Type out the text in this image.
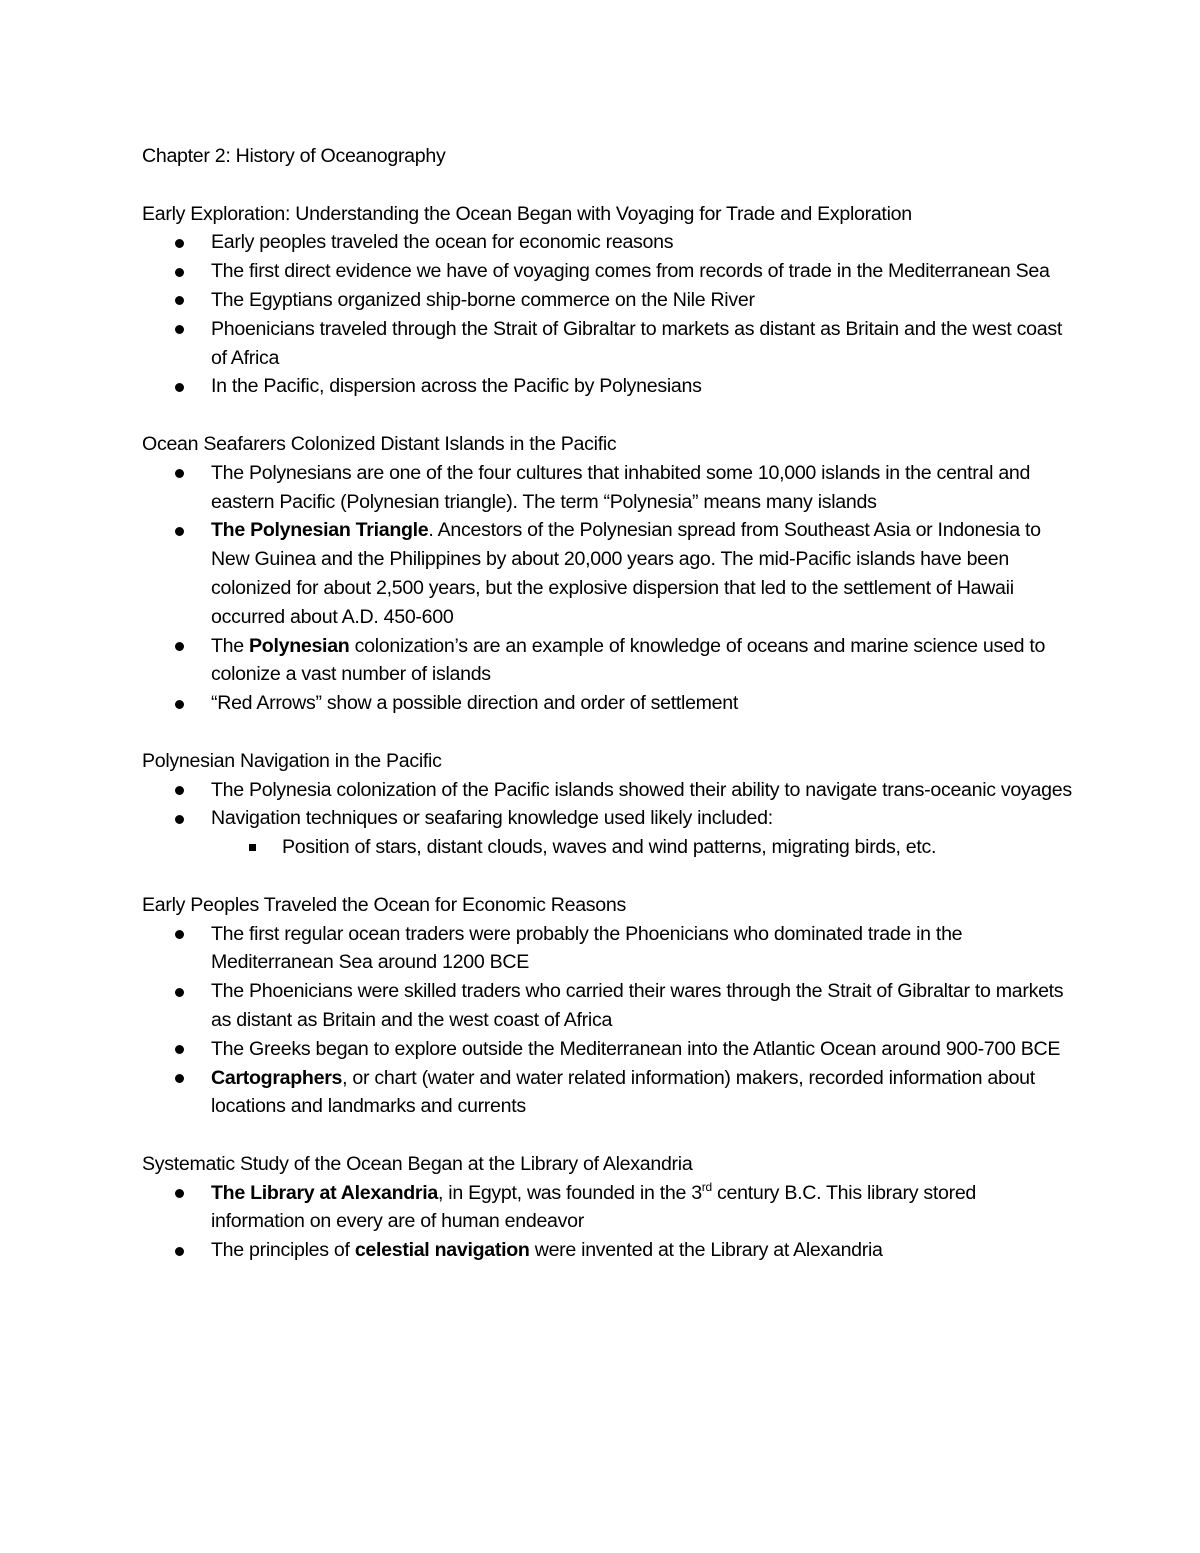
Chapter 2: History of Oceanography

Early Exploration: Understanding the Ocean Began with Voyaging for Trade and Exploration

Early peoples traveled the ocean for economic reasons
The first direct evidence we have of voyaging comes from records of trade in the Mediterranean Sea
The Egyptians organized ship-borne commerce on the Nile River
Phoenicians traveled through the Strait of Gibraltar to markets as distant as Britain and the west coast of Africa
In the Pacific, dispersion across the Pacific by Polynesians

Ocean Seafarers Colonized Distant Islands in the Pacific

The Polynesians are one of the four cultures that inhabited some 10,000 islands in the central and eastern Pacific (Polynesian triangle). The term “Polynesia” means many islands
The Polynesian Triangle. Ancestors of the Polynesian spread from Southeast Asia or Indonesia to New Guinea and the Philippines by about 20,000 years ago. The mid-Pacific islands have been colonized for about 2,500 years, but the explosive dispersion that led to the settlement of Hawaii occurred about A.D. 450-600
The Polynesian colonization’s are an example of knowledge of oceans and marine science used to colonize a vast number of islands
“Red Arrows” show a possible direction and order of settlement

Polynesian Navigation in the Pacific

The Polynesia colonization of the Pacific islands showed their ability to navigate trans-oceanic voyages
Navigation techniques or seafaring knowledge used likely included:
Position of stars, distant clouds, waves and wind patterns, migrating birds, etc.

Early Peoples Traveled the Ocean for Economic Reasons

The first regular ocean traders were probably the Phoenicians who dominated trade in the Mediterranean Sea around 1200 BCE
The Phoenicians were skilled traders who carried their wares through the Strait of Gibraltar to markets as distant as Britain and the west coast of Africa
The Greeks began to explore outside the Mediterranean into the Atlantic Ocean around 900-700 BCE
Cartographers, or chart (water and water related information) makers, recorded information about locations and landmarks and currents

Systematic Study of the Ocean Began at the Library of Alexandria

The Library at Alexandria, in Egypt, was founded in the 3rd century B.C. This library stored information on every are of human endeavor
The principles of celestial navigation were invented at the Library at Alexandria
